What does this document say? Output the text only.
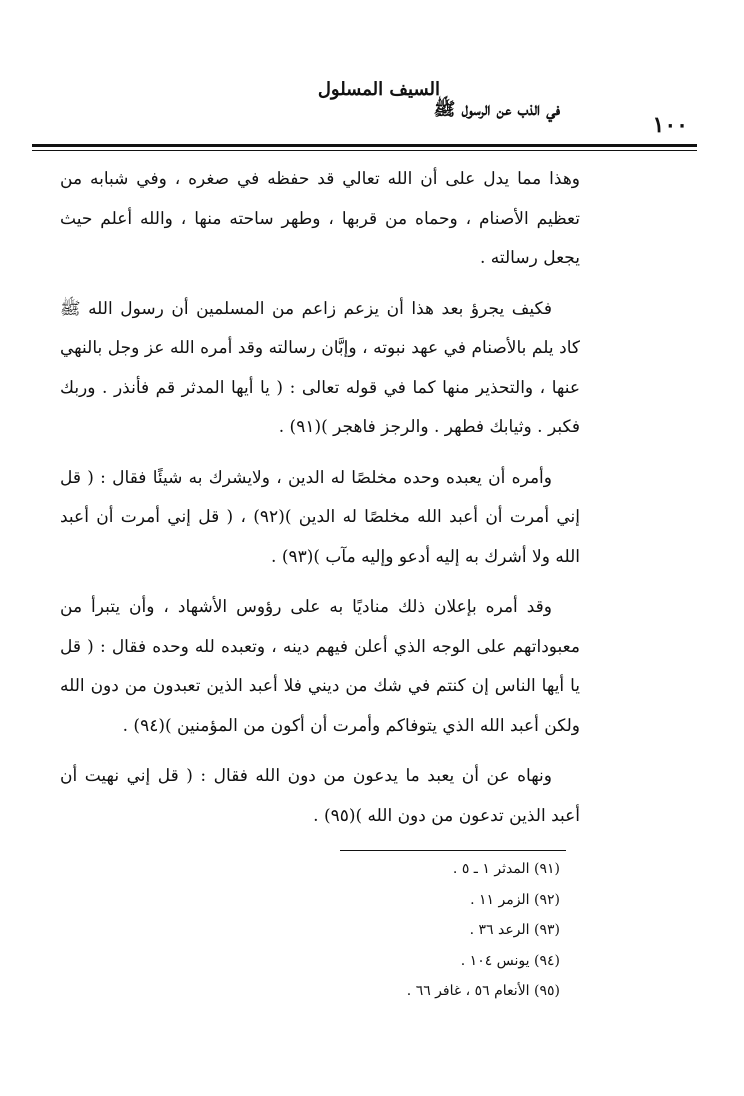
السيف المسلول
في الذب عن الرسول ﷺ
١٠٠

وهذا مما يدل على أن الله تعالي قد حفظه في صغره ، وفي شبابه من تعظيم الأصنام ، وحماه من قربها ، وطهر ساحته منها ، والله أعلم حيث يجعل رسالته .

فكيف يجرؤ بعد هذا أن يزعم زاعم من المسلمين أن رسول الله ﷺ كاد يلم بالأصنام في عهد نبوته ، وإبَّان رسالته وقد أمره الله عز وجل بالنهي عنها ، والتحذير منها كما في قوله تعالى : ( يا أيها المدثر قم فأنذر . وربك فكبر . وثيابك فطهر . والرجز فاهجر )(٩١) .

وأمره أن يعبده وحده مخلصًا له الدين ، ولايشرك به شيئًا فقال : ( قل إني أمرت أن أعبد الله مخلصًا له الدين )(٩٢) ، ( قل إني أمرت أن أعبد الله ولا أشرك به إليه أدعو وإليه مآب )(٩٣) .

وقد أمره بإعلان ذلك مناديًا به على رؤوس الأشهاد ، وأن يتبرأ من معبوداتهم على الوجه الذي أعلن فيهم دينه ، وتعبده لله وحده فقال : ( قل يا أيها الناس إن كنتم في شك من ديني فلا أعبد الذين تعبدون من دون الله ولكن أعبد الله الذي يتوفاكم وأمرت أن أكون من المؤمنين )(٩٤) .

ونهاه عن أن يعبد ما يدعون من دون الله فقال : ( قل إني نهيت أن أعبد الذين تدعون من دون الله )(٩٥) .

(٩١) المدثر ١ ـ ٥ .

(٩٢) الزمر ١١ .

(٩٣) الرعد ٣٦ .

(٩٤) يونس ١٠٤ .

(٩٥) الأنعام ٥٦ ، غافر ٦٦ .
